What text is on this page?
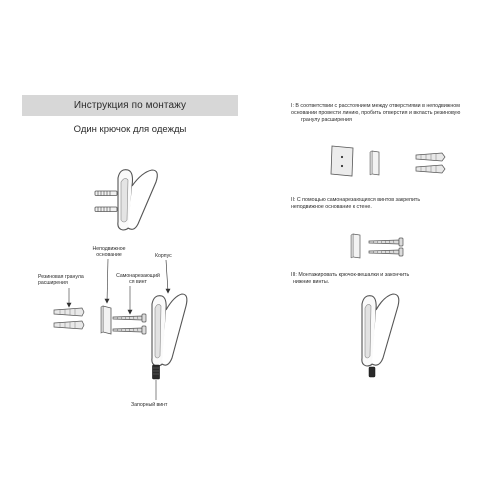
Инструкция по монтажу
Один крючок для одежды
Неподвижное
основание	Корпус
Самонарезающий
ся винт
Резиновая гранула
расширения
Запорный винт
I: В соответствии с расстоянием между отверстиями в неподвижном
основании провести линию, пробить отверстия и вкласть резиновую
гранулу расширения
II: С помощью самонарезающихся винтов закрепить
неподвижное основание к стене.
III: Монтажировать крючок-вешалки и закончить
нижние винты.
